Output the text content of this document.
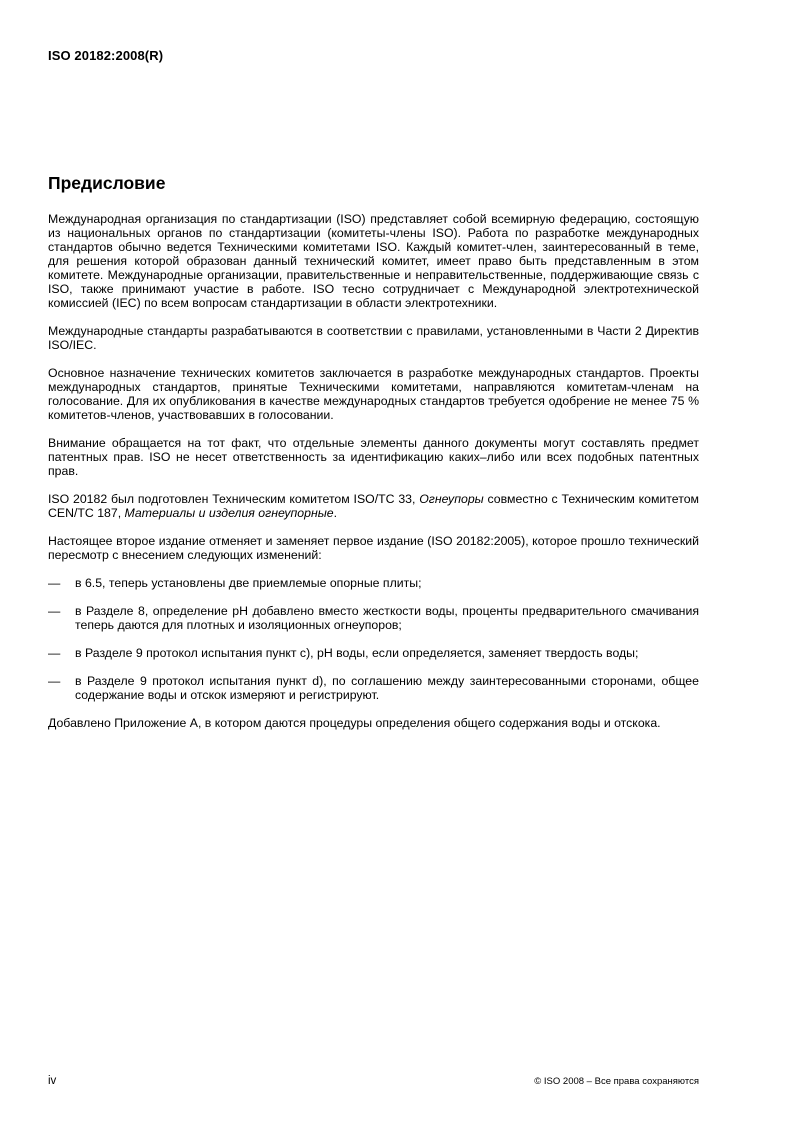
ISO 20182:2008(R)
Предисловие

Международная организация по стандартизации (ISO) представляет собой всемирную федерацию, состоящую из национальных органов по стандартизации (комитеты-члены ISO). Работа по разработке международных стандартов обычно ведется Техническими комитетами ISO. Каждый комитет-член, заинтересованный в теме, для решения которой образован данный технический комитет, имеет право быть представленным в этом комитете. Международные организации, правительственные и неправительственные, поддерживающие связь с ISO, также принимают участие в работе. ISO тесно сотрудничает с Международной электротехнической комиссией (IEC) по всем вопросам стандартизации в области электротехники.

Международные стандарты разрабатываются в соответствии с правилами, установленными в Части 2 Директив ISO/IEC.

Основное назначение технических комитетов заключается в разработке международных стандартов. Проекты международных стандартов, принятые Техническими комитетами, направляются комитетам-членам на голосование. Для их опубликования в качестве международных стандартов требуется одобрение не менее 75 % комитетов-членов, участвовавших в голосовании.

Внимание обращается на тот факт, что отдельные элементы данного документы могут составлять предмет патентных прав. ISO не несет ответственность за идентификацию каких–либо или всех подобных патентных прав.

ISO 20182 был подготовлен Техническим комитетом ISO/TC 33, Огнеупоры совместно с Техническим комитетом CEN/TC 187, Материалы и изделия огнеупорные.

Настоящее второе издание отменяет и заменяет первое издание (ISO 20182:2005), которое прошло технический пересмотр с внесением следующих изменений:

— в 6.5, теперь установлены две приемлемые опорные плиты;
— в Разделе 8, определение pH добавлено вместо жесткости воды, проценты предварительного смачивания теперь даются для плотных и изоляционных огнеупоров;
— в Разделе 9 протокол испытания пункт с), рН воды, если определяется, заменяет твердость воды;
— в Разделе 9 протокол испытания пункт d), по соглашению между заинтересованными сторонами, общее содержание воды и отскок измеряют и регистрируют.

Добавлено Приложение А, в котором даются процедуры определения общего содержания воды и отскока.

iv	© ISO 2008 – Все права сохраняются
